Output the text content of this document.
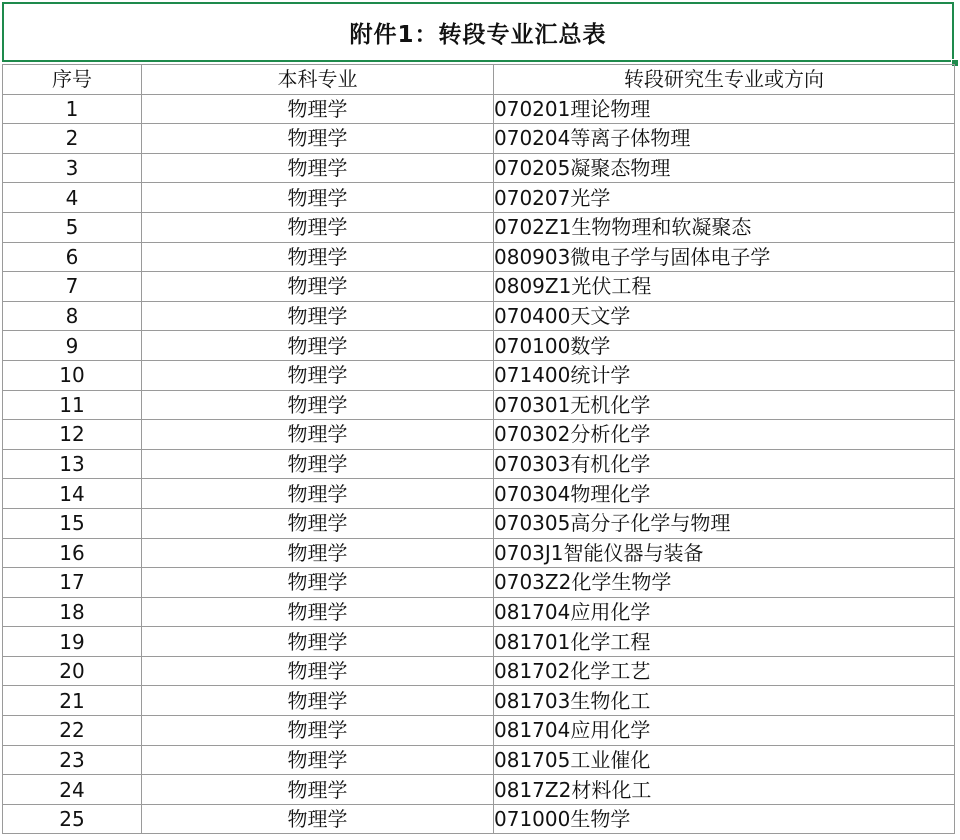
附件1：转段专业汇总表
序号	本科专业	转段研究生专业或方向
1	物理学	070201理论物理
2	物理学	070204等离子体物理
3	物理学	070205凝聚态物理
4	物理学	070207光学
5	物理学	0702Z1生物物理和软凝聚态
6	物理学	080903微电子学与固体电子学
7	物理学	0809Z1光伏工程
8	物理学	070400天文学
9	物理学	070100数学
10	物理学	071400统计学
11	物理学	070301无机化学
12	物理学	070302分析化学
13	物理学	070303有机化学
14	物理学	070304物理化学
15	物理学	070305高分子化学与物理
16	物理学	0703J1智能仪器与装备
17	物理学	0703Z2化学生物学
18	物理学	081704应用化学
19	物理学	081701化学工程
20	物理学	081702化学工艺
21	物理学	081703生物化工
22	物理学	081704应用化学
23	物理学	081705工业催化
24	物理学	0817Z2材料化工
25	物理学	071000生物学
